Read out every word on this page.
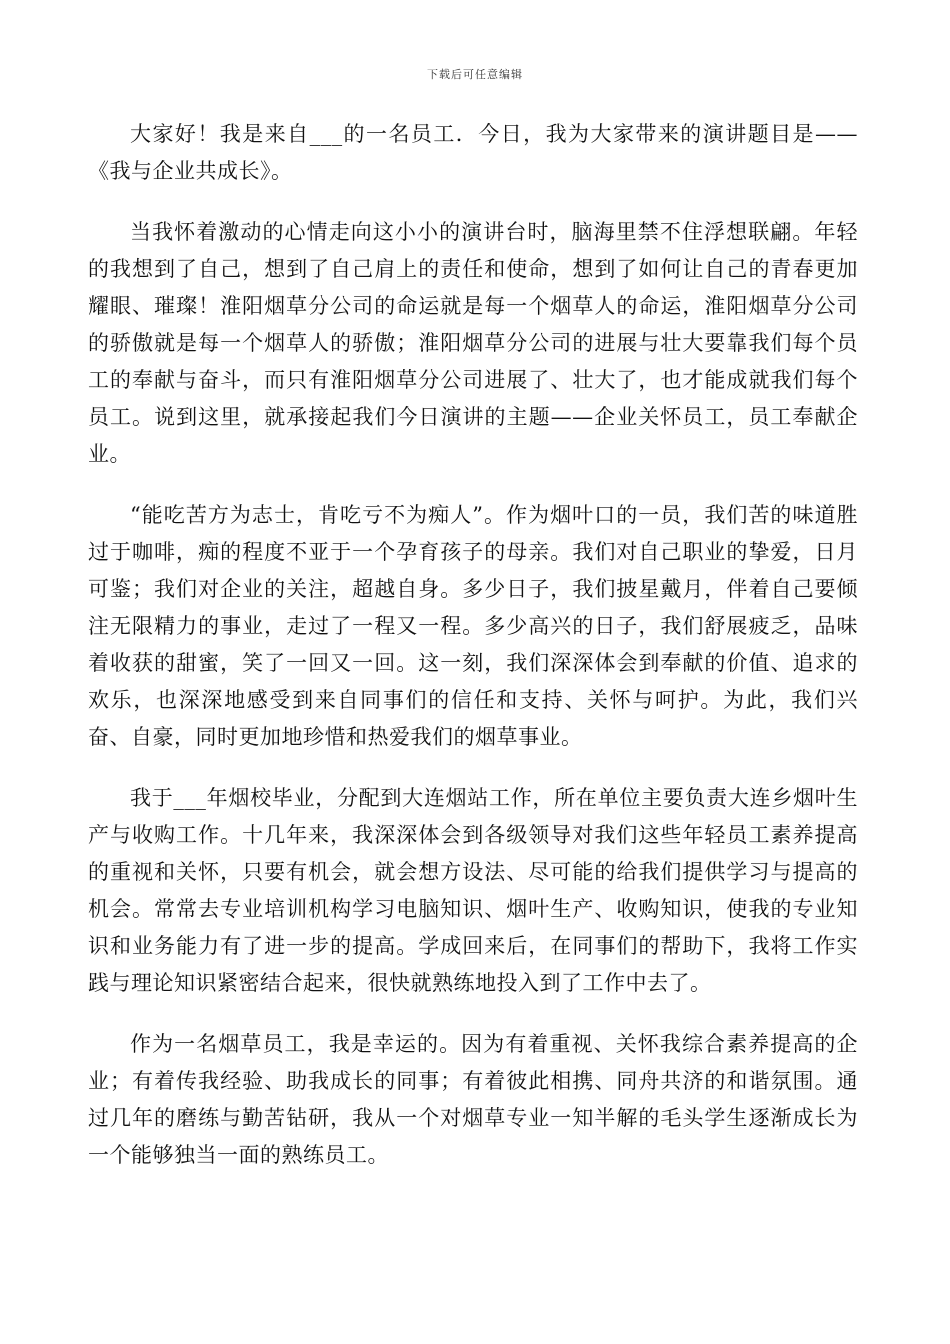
下载后可任意编辑

大家好！我是来自___的一名员工．今日，我为大家带来的演讲题目是——《我与企业共成长》。

当我怀着激动的心情走向这小小的演讲台时，脑海里禁不住浮想联翩。年轻的我想到了自己，想到了自己肩上的责任和使命，想到了如何让自己的青春更加耀眼、璀璨！淮阳烟草分公司的命运就是每一个烟草人的命运，淮阳烟草分公司的骄傲就是每一个烟草人的骄傲；淮阳烟草分公司的进展与壮大要靠我们每个员工的奉献与奋斗，而只有淮阳烟草分公司进展了、壮大了，也才能成就我们每个员工。说到这里，就承接起我们今日演讲的主题——企业关怀员工，员工奉献企业。

“能吃苦方为志士，肯吃亏不为痴人”。作为烟叶口的一员，我们苦的味道胜过于咖啡，痴的程度不亚于一个孕育孩子的母亲。我们对自己职业的挚爱，日月可鉴；我们对企业的关注，超越自身。多少日子，我们披星戴月，伴着自己要倾注无限精力的事业，走过了一程又一程。多少高兴的日子，我们舒展疲乏，品味着收获的甜蜜，笑了一回又一回。这一刻，我们深深体会到奉献的价值、追求的欢乐，也深深地感受到来自同事们的信任和支持、关怀与呵护。为此，我们兴奋、自豪，同时更加地珍惜和热爱我们的烟草事业。

我于___年烟校毕业，分配到大连烟站工作，所在单位主要负责大连乡烟叶生产与收购工作。十几年来，我深深体会到各级领导对我们这些年轻员工素养提高的重视和关怀，只要有机会，就会想方设法、尽可能的给我们提供学习与提高的机会。常常去专业培训机构学习电脑知识、烟叶生产、收购知识，使我的专业知识和业务能力有了进一步的提高。学成回来后，在同事们的帮助下，我将工作实践与理论知识紧密结合起来，很快就熟练地投入到了工作中去了。

作为一名烟草员工，我是幸运的。因为有着重视、关怀我综合素养提高的企业；有着传我经验、助我成长的同事；有着彼此相携、同舟共济的和谐氛围。通过几年的磨练与勤苦钻研，我从一个对烟草专业一知半解的毛头学生逐渐成长为一个能够独当一面的熟练员工。
